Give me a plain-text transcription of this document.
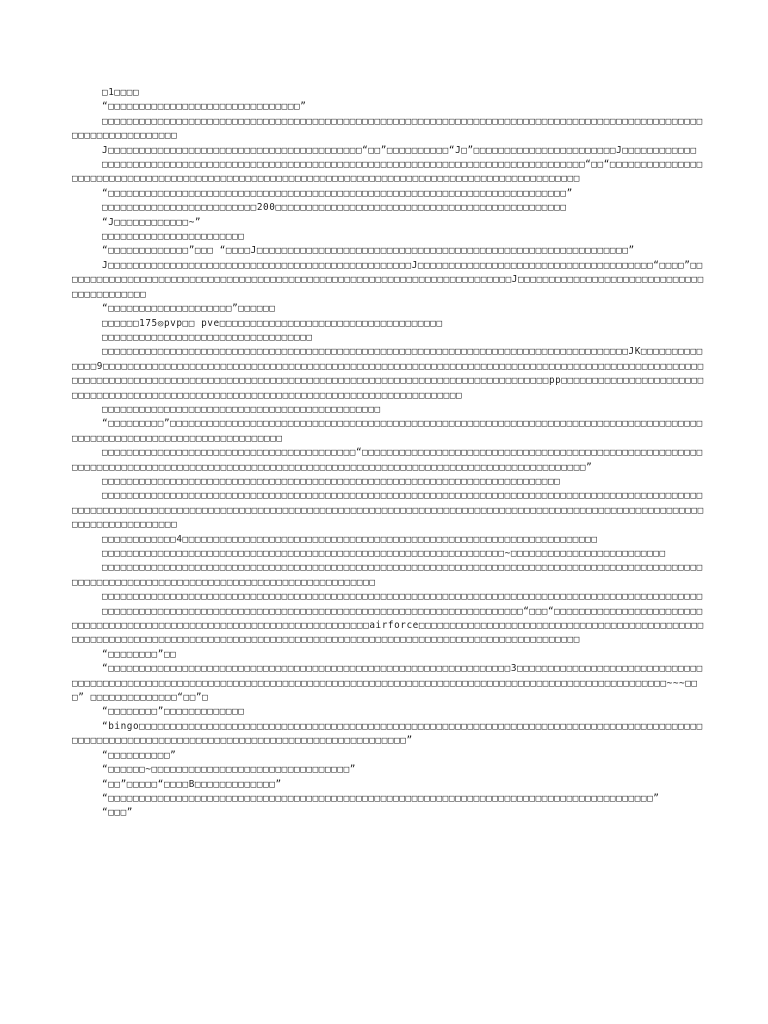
□1□□□□

“□□□□□□□□□□□□□□□□□□□□□□□□□□□□□□□”

□□□□□□□□□□□□□□□□□□□□□□□□□□□□□□□□□□□□□□□□□□□□□□□□□□□□□□□□□□□□□□□□□□□□□□□□□□□□□□□□□□□□□□□□□□□□□□□□□□□□□□□□□□□□□□□□□□

J□□□□□□□□□□□□□□□□□□□□□□□□□□□□□□□□□□□□□□□□□“□□”□□□□□□□□□□“J□”□□□□□□□□□□□□□□□□□□□□□□□J□□□□□□□□□□□□

□□□□□□□□□□□□□□□□□□□□□□□□□□□□□□□□□□□□□□□□□□□□□□□□□□□□□□□□□□□□□□□□□□□□□□□□□□□□□□“□□“□□□□□□□□□□□□□□□□□□□□□□□□□□□□□□□□□□□□□□□□□□□□□□□□□□□□□□□□□□□□□□□□□□□□□□□□□□□□□□□□□□□□□□□□□□□□□□□□□

“□□□□□□□□□□□□□□□□□□□□□□□□□□□□□□□□□□□□□□□□□□□□□□□□□□□□□□□□□□□□□□□□□□□□□□□□□□”

□□□□□□□□□□□□□□□□□□□□□□□□□200□□□□□□□□□□□□□□□□□□□□□□□□□□□□□□□□□□□□□□□□□□□□□□□

“J□□□□□□□□□□□□~”

□□□□□□□□□□□□□□□□□□□□□□□

“□□□□□□□□□□□□□”□□□ “□□□□J□□□□□□□□□□□□□□□□□□□□□□□□□□□□□□□□□□□□□□□□□□□□□□□□□□□□□□□□□□□□”

J□□□□□□□□□□□□□□□□□□□□□□□□□□□□□□□□□□□□□□□□□□□□□□□□□J□□□□□□□□□□□□□□□□□□□□□□□□□□□□□□□□□□□□□□“□□□□”□□□□□□□□□□□□□□□□□□□□□□□□□□□□□□□□□□□□□□□□□□□□□□□□□□□□□□□□□□□□□□□□□□□□□□□□□J□□□□□□□□□□□□□□□□□□□□□□□□□□□□□□□□□□□□□□□□□□

“□□□□□□□□□□□□□□□□□□□□”□□□□□□

□□□□□□175◎pvp□□ pve□□□□□□□□□□□□□□□□□□□□□□□□□□□□□□□□□□□□

□□□□□□□□□□□□□□□□□□□□□□□□□□□□□□□□□□

□□□□□□□□□□□□□□□□□□□□□□□□□□□□□□□□□□□□□□□□□□□□□□□□□□□□□□□□□□□□□□□□□□□□□□□□□□□□□□□□□□□□□JK□□□□□□□□□□□□□□9□□□□□□□□□□□□□□□□□□□□□□□□□□□□□□□□□□□□□□□□□□□□□□□□□□□□□□□□□□□□□□□□□□□□□□□□□□□□□□□□□□□□□□□□□□□□□□□□□□□□□□□□□□□□□□□□□□□□□□□□□□□□□□□□□□□□□□□□□□□□□□□□□□□□□□□□□□□□□□□□□□□□□□□□□□□□□□pp□□□□□□□□□□□□□□□□□□□□□□□□□□□□□□□□□□□□□□□□□□□□□□□□□□□□□□□□□□□□□□□□□□□□□□□□□□□□□□□□□□□□□□

□□□□□□□□□□□□□□□□□□□□□□□□□□□□□□□□□□□□□□□□□□□□□

“□□□□□□□□□”□□□□□□□□□□□□□□□□□□□□□□□□□□□□□□□□□□□□□□□□□□□□□□□□□□□□□□□□□□□□□□□□□□□□□□□□□□□□□□□□□□□□□□□□□□□□□□□□□□□□□□□□□□□□□□□□□□□□□□□□

□□□□□□□□□□□□□□□□□□□□□□□□□□□□□□□□□□□□□□□□□“□□□□□□□□□□□□□□□□□□□□□□□□□□□□□□□□□□□□□□□□□□□□□□□□□□□□□□□□□□□□□□□□□□□□□□□□□□□□□□□□□□□□□□□□□□□□□□□□□□□□□□□□□□□□□□□□□□□□□□□□□□□□□□□□□□□□□□□□□□”

□□□□□□□□□□□□□□□□□□□□□□□□□□□□□□□□□□□□□□□□□□□□□□□□□□□□□□□□□□□□□□□□□□□□□□□□□□

□□□□□□□□□□□□□□□□□□□□□□□□□□□□□□□□□□□□□□□□□□□□□□□□□□□□□□□□□□□□□□□□□□□□□□□□□□□□□□□□□□□□□□□□□□□□□□□□□□□□□□□□□□□□□□□□□□□□□□□□□□□□□□□□□□□□□□□□□□□□□□□□□□□□□□□□□□□□□□□□□□□□□□□□□□□□□□□□□□□□□□□□□□□□□□□□□□□□□□□□□□□□□□□□□□□□□□□□

□□□□□□□□□□□□4□□□□□□□□□□□□□□□□□□□□□□□□□□□□□□□□□□□□□□□□□□□□□□□□□□□□□□□□□□□□□□□□□□□

□□□□□□□□□□□□□□□□□□□□□□□□□□□□□□□□□□□□□□□□□□□□□□□□□□□□□□□□□□□□□□□□□~□□□□□□□□□□□□□□□□□□□□□□□□□

□□□□□□□□□□□□□□□□□□□□□□□□□□□□□□□□□□□□□□□□□□□□□□□□□□□□□□□□□□□□□□□□□□□□□□□□□□□□□□□□□□□□□□□□□□□□□□□□□□□□□□□□□□□□□□□□□□□□□□□□□□□□□□□□□□□□□□□□□□□□□□□□□□

□□□□□□□□□□□□□□□□□□□□□□□□□□□□□□□□□□□□□□□□□□□□□□□□□□□□□□□□□□□□□□□□□□□□□□□□□□□□□□□□□□□□□□□□□□□□□□□□□

□□□□□□□□□□□□□□□□□□□□□□□□□□□□□□□□□□□□□□□□□□□□□□□□□□□□□□□□□□□□□□□□□□□□“□□□“□□□□□□□□□□□□□□□□□□□□□□□□□□□□□□□□□□□□□□□□□□□□□□□□□□□□□□□□□□□□□□□□□□□□□□□□airforce□□□□□□□□□□□□□□□□□□□□□□□□□□□□□□□□□□□□□□□□□□□□□□□□□□□□□□□□□□□□□□□□□□□□□□□□□□□□□□□□□□□□□□□□□□□□□□□□□□□□□□□□□□□□□□□□□□□□□□□□□□□□□□□□

“□□□□□□□□”□□

“□□□□□□□□□□□□□□□□□□□□□□□□□□□□□□□□□□□□□□□□□□□□□□□□□□□□□□□□□□□□□□□□□3□□□□□□□□□□□□□□□□□□□□□□□□□□□□□□□□□□□□□□□□□□□□□□□□□□□□□□□□□□□□□□□□□□□□□□□□□□□□□□□□□□□□□□□□□□□□□□□□□□□□□□□□□□□□□□□□□□□□□□□□□□□□□□~~~□□□” □□□□□□□□□□□□□□“□□”□

“□□□□□□□□”□□□□□□□□□□□□□

“bingo□□□□□□□□□□□□□□□□□□□□□□□□□□□□□□□□□□□□□□□□□□□□□□□□□□□□□□□□□□□□□□□□□□□□□□□□□□□□□□□□□□□□□□□□□□□□□□□□□□□□□□□□□□□□□□□□□□□□□□□□□□□□□□□□□□□□□□□□□□□□□□□□□”

“□□□□□□□□□□”

“□□□□□□~□□□□□□□□□□□□□□□□□□□□□□□□□□□□□□□□”

“□□”□□□□□“□□□□B□□□□□□□□□□□□□”

“□□□□□□□□□□□□□□□□□□□□□□□□□□□□□□□□□□□□□□□□□□□□□□□□□□□□□□□□□□□□□□□□□□□□□□□□□□□□□□□□□□□□□□□□”

“□□□”
